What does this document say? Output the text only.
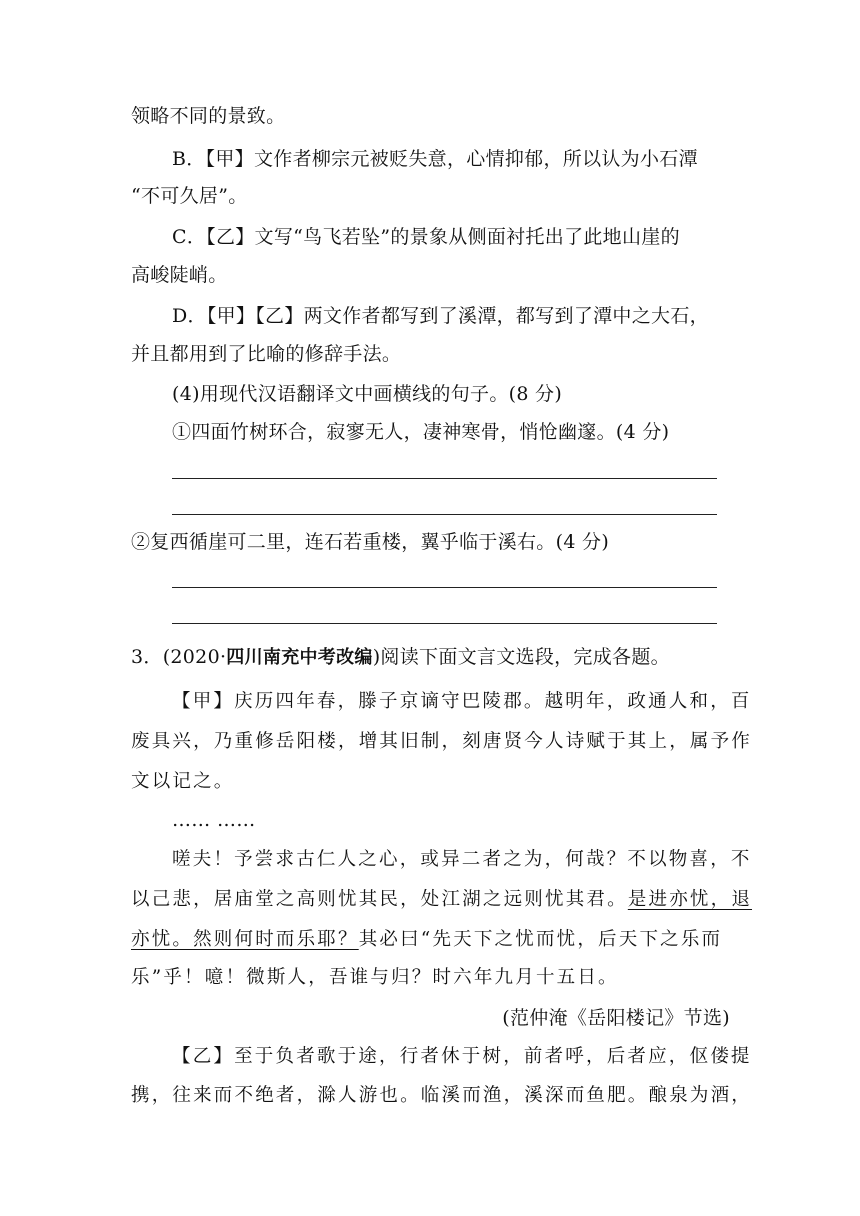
领略不同的景致。
B．【甲】文作者柳宗元被贬失意，心情抑郁，所以认为小石潭
“不可久居”。
C．【乙】文写“鸟飞若坠”的景象从侧面衬托出了此地山崖的
高峻陡峭。
D．【甲】【乙】两文作者都写到了溪潭，都写到了潭中之大石，
并且都用到了比喻的修辞手法。
(4)用现代汉语翻译文中画横线的句子。(8 分)
①四面竹树环合，寂寥无人，凄神寒骨，悄怆幽邃。(4 分)
②复西循崖可二里，连石若重楼，翼乎临于溪右。(4 分)
3．(2020·四川南充中考改编)阅读下面文言文选段，完成各题。
【甲】庆历四年春，滕子京谪守巴陵郡。越明年，政通人和，百
废具兴，乃重修岳阳楼，增其旧制，刻唐贤今人诗赋于其上，属予作
文以记之。
…… ……
嗟夫！予尝求古仁人之心，或异二者之为，何哉？不以物喜，不
以己悲，居庙堂之高则忧其民，处江湖之远则忧其君。是进亦忧，退
亦忧。然则何时而乐耶？其必曰“先天下之忧而忧，后天下之乐而
乐”乎！噫！微斯人，吾谁与归？时六年九月十五日。
(范仲淹《岳阳楼记》节选)
【乙】至于负者歌于途，行者休于树，前者呼，后者应，伛偻提
携，往来而不绝者，滁人游也。临溪而渔，溪深而鱼肥。酿泉为酒，
